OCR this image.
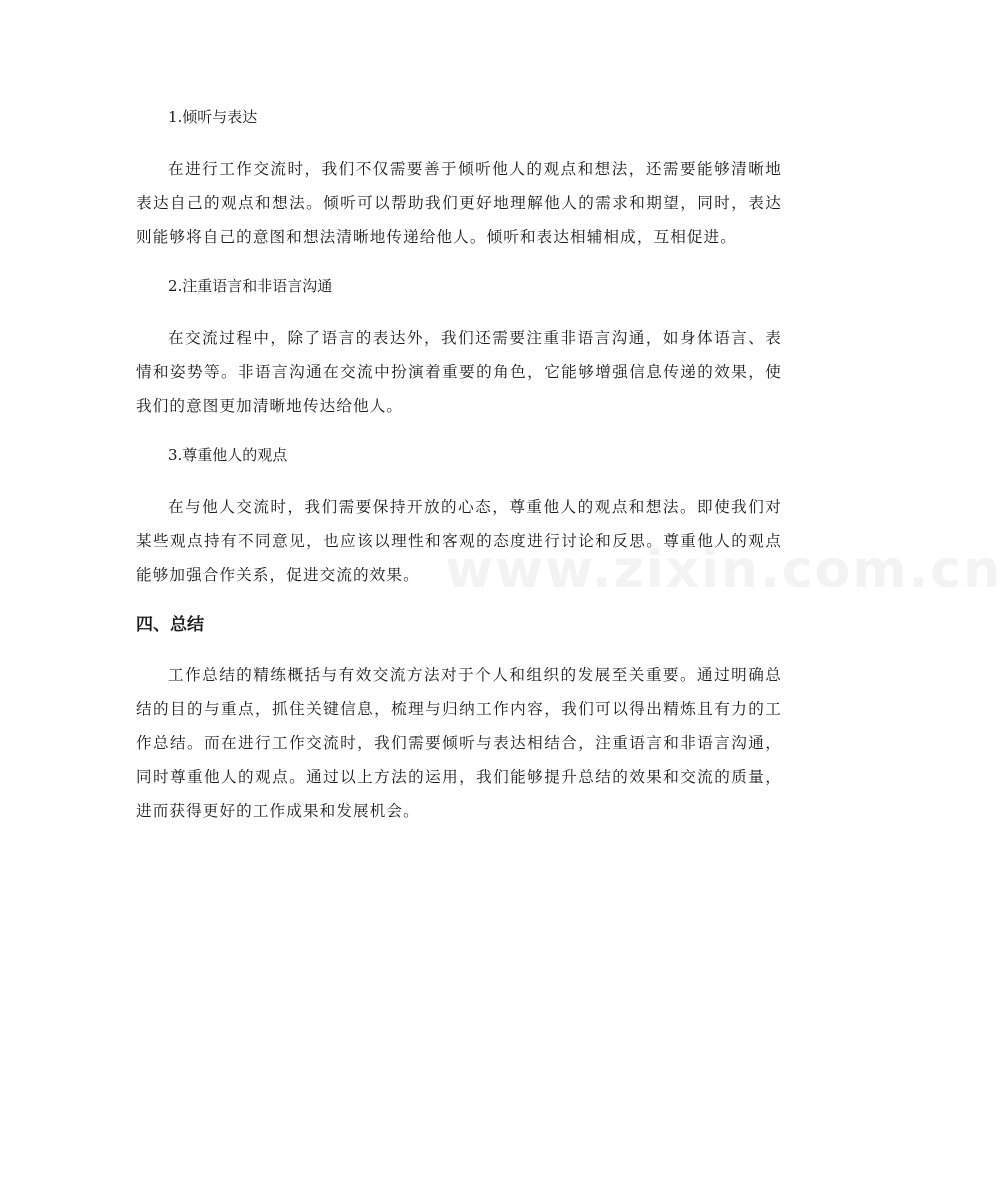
1.倾听与表达

在进行工作交流时，我们不仅需要善于倾听他人的观点和想法，还需要能够清晰地表达自己的观点和想法。倾听可以帮助我们更好地理解他人的需求和期望，同时，表达则能够将自己的意图和想法清晰地传递给他人。倾听和表达相辅相成，互相促进。

2.注重语言和非语言沟通

在交流过程中，除了语言的表达外，我们还需要注重非语言沟通，如身体语言、表情和姿势等。非语言沟通在交流中扮演着重要的角色，它能够增强信息传递的效果，使我们的意图更加清晰地传达给他人。

3.尊重他人的观点

在与他人交流时，我们需要保持开放的心态，尊重他人的观点和想法。即使我们对某些观点持有不同意见，也应该以理性和客观的态度进行讨论和反思。尊重他人的观点能够加强合作关系，促进交流的效果。

四、总结

工作总结的精练概括与有效交流方法对于个人和组织的发展至关重要。通过明确总结的目的与重点，抓住关键信息，梳理与归纳工作内容，我们可以得出精炼且有力的工作总结。而在进行工作交流时，我们需要倾听与表达相结合，注重语言和非语言沟通，同时尊重他人的观点。通过以上方法的运用，我们能够提升总结的效果和交流的质量，进而获得更好的工作成果和发展机会。

www.zixin.com.cn
